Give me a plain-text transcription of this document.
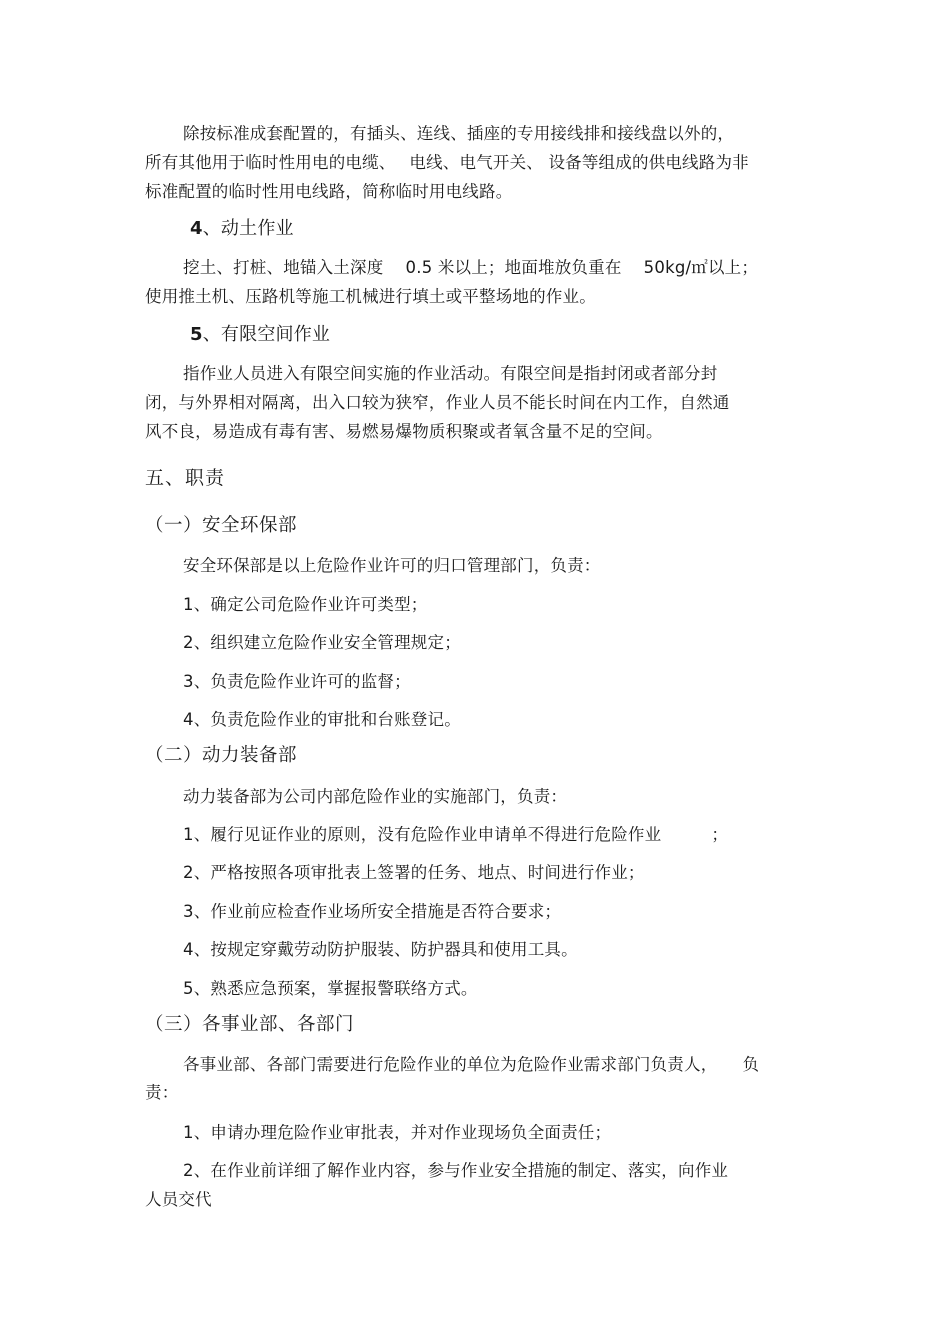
除按标准成套配置的，有插头、连线、插座的专用接线排和接线盘以外的，
所有其他用于临时性用电的电缆、　 电线、电气开关、 设备等组成的供电线路为非
标准配置的临时性用电线路，简称临时用电线路。
4、动土作业
挖土、打桩、地锚入土深度　 0.5 米以上；地面堆放负重在　 50kg/㎡以上；
使用推土机、压路机等施工机械进行填土或平整场地的作业。
5、有限空间作业
指作业人员进入有限空间实施的作业活动。有限空间是指封闭或者部分封
闭，与外界相对隔离，出入口较为狭窄，作业人员不能长时间在内工作，自然通
风不良，易造成有毒有害、易燃易爆物质积聚或者氧含量不足的空间。
五、职责
（一）安全环保部
安全环保部是以上危险作业许可的归口管理部门，负责：
1、确定公司危险作业许可类型；
2、组织建立危险作业安全管理规定；
3、负责危险作业许可的监督；
4、负责危险作业的审批和台账登记。
（二）动力装备部
动力装备部为公司内部危险作业的实施部门，负责：
1、履行见证作业的原则，没有危险作业申请单不得进行危险作业　　　；
2、严格按照各项审批表上签署的任务、地点、时间进行作业；
3、作业前应检查作业场所安全措施是否符合要求；
4、按规定穿戴劳动防护服装、防护器具和使用工具。
5、熟悉应急预案，掌握报警联络方式。
（三）各事业部、各部门
各事业部、各部门需要进行危险作业的单位为危险作业需求部门负责人，　　负
责：
1、申请办理危险作业审批表，并对作业现场负全面责任；
2、在作业前详细了解作业内容，参与作业安全措施的制定、落实，向作业
人员交代
